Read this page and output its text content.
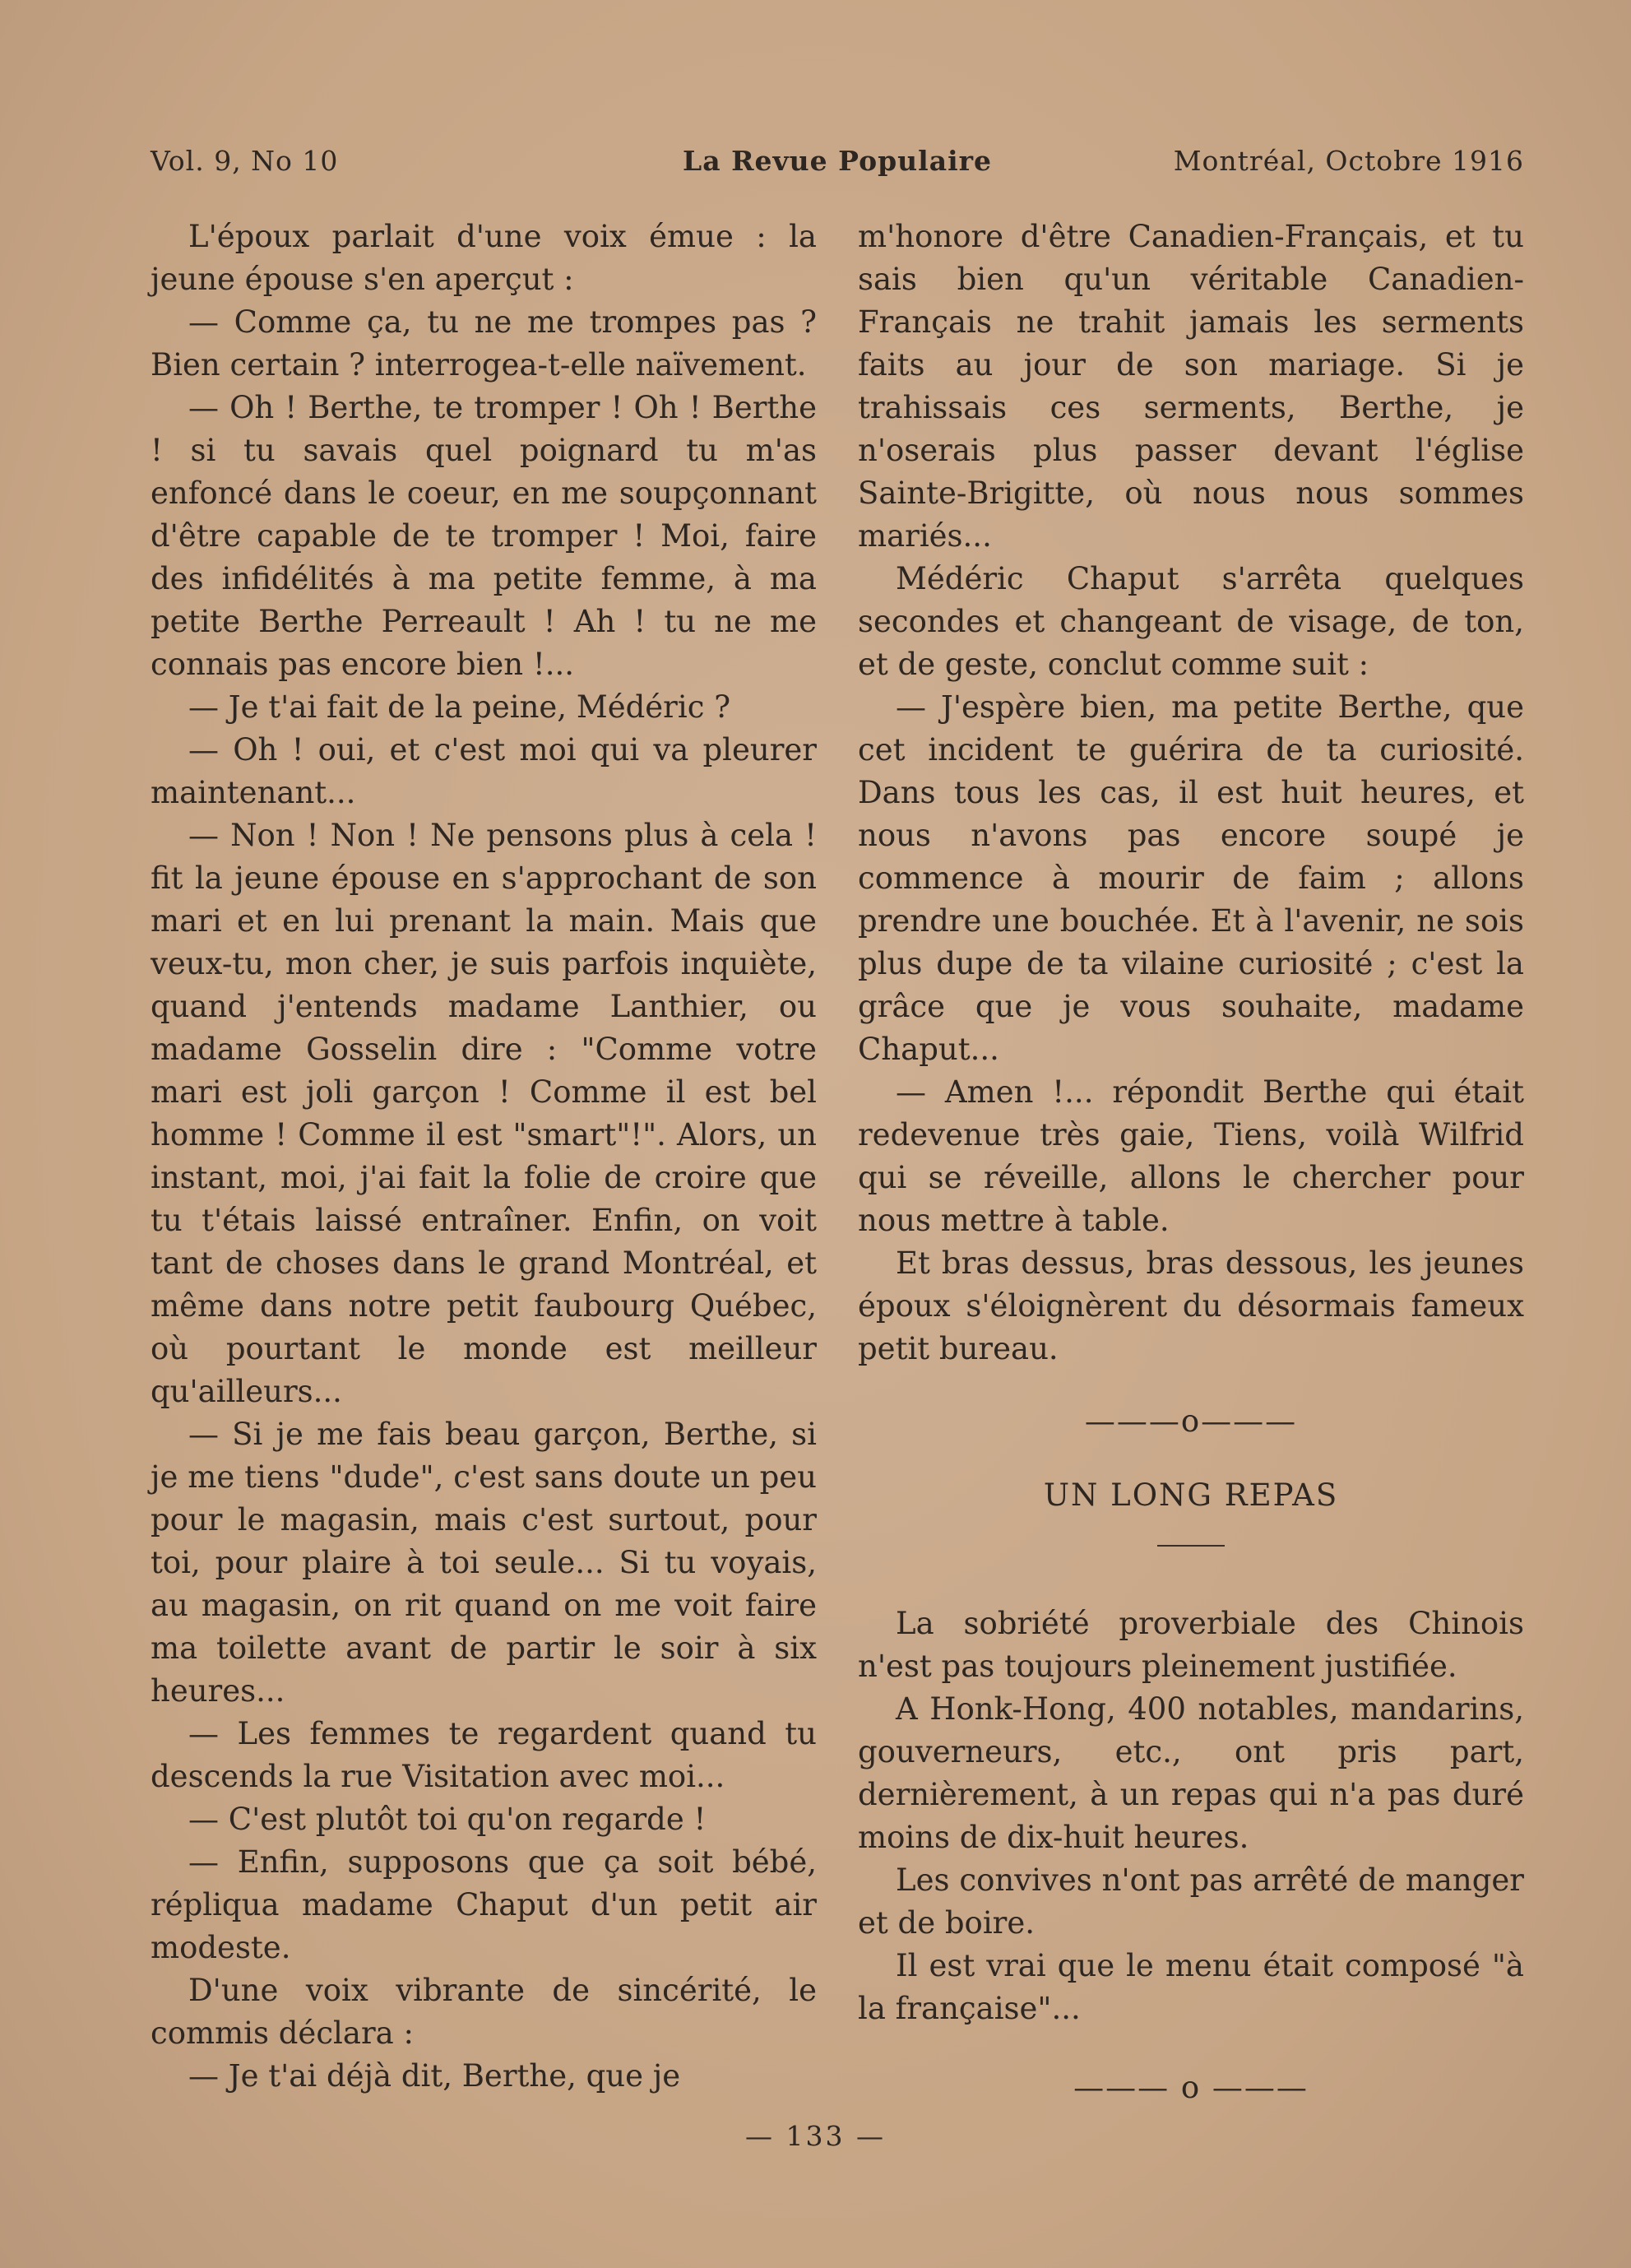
Vol. 9, No 10	La Revue Populaire	Montréal, Octobre 1916

L'époux parlait d'une voix émue : la jeune épouse s'en aperçut :

— Comme ça, tu ne me trompes pas ? Bien certain ? interrogea-t-elle naïvement.

— Oh ! Berthe, te tromper ! Oh ! Berthe ! si tu savais quel poignard tu m'as enfoncé dans le coeur, en me soupçonnant d'être capable de te tromper ! Moi, faire des infidélités à ma petite femme, à ma petite Berthe Perreault ! Ah ! tu ne me connais pas encore bien !...

— Je t'ai fait de la peine, Médéric ?

— Oh ! oui, et c'est moi qui va pleurer maintenant...

— Non ! Non ! Ne pensons plus à cela ! fit la jeune épouse en s'approchant de son mari et en lui prenant la main. Mais que veux-tu, mon cher, je suis parfois inquiète, quand j'entends madame Lanthier, ou madame Gosselin dire : "Comme votre mari est joli garçon ! Comme il est bel homme ! Comme il est "smart"!". Alors, un instant, moi, j'ai fait la folie de croire que tu t'étais laissé entraîner. Enfin, on voit tant de choses dans le grand Montréal, et même dans notre petit faubourg Québec, où pourtant le monde est meilleur qu'ailleurs...

— Si je me fais beau garçon, Berthe, si je me tiens "dude", c'est sans doute un peu pour le magasin, mais c'est surtout, pour toi, pour plaire à toi seule... Si tu voyais, au magasin, on rit quand on me voit faire ma toilette avant de partir le soir à six heures...

— Les femmes te regardent quand tu descends la rue Visitation avec moi...

— C'est plutôt toi qu'on regarde !

— Enfin, supposons que ça soit bébé, répliqua madame Chaput d'un petit air modeste.

D'une voix vibrante de sincérité, le commis déclara :

— Je t'ai déjà dit, Berthe, que je

m'honore d'être Canadien-Français, et tu sais bien qu'un véritable Canadien-Français ne trahit jamais les serments faits au jour de son mariage. Si je trahissais ces serments, Berthe, je n'oserais plus passer devant l'église Sainte-Brigitte, où nous nous sommes mariés...

Médéric Chaput s'arrêta quelques secondes et changeant de visage, de ton, et de geste, conclut comme suit :

— J'espère bien, ma petite Berthe, que cet incident te guérira de ta curiosité. Dans tous les cas, il est huit heures, et nous n'avons pas encore soupé je commence à mourir de faim ; allons prendre une bouchée. Et à l'avenir, ne sois plus dupe de ta vilaine curiosité ; c'est la grâce que je vous souhaite, madame Chaput...

— Amen !... répondit Berthe qui était redevenue très gaie, Tiens, voilà Wilfrid qui se réveille, allons le chercher pour nous mettre à table.

Et bras dessus, bras dessous, les jeunes époux s'éloignèrent du désormais fameux petit bureau.

———o———
UN LONG REPAS

La sobriété proverbiale des Chinois n'est pas toujours pleinement justifiée.

A Honk-Hong, 400 notables, mandarins, gouverneurs, etc., ont pris part, dernièrement, à un repas qui n'a pas duré moins de dix-huit heures.

Les convives n'ont pas arrêté de manger et de boire.

Il est vrai que le menu était composé "à la française"...

——— o ———
— 133 —
